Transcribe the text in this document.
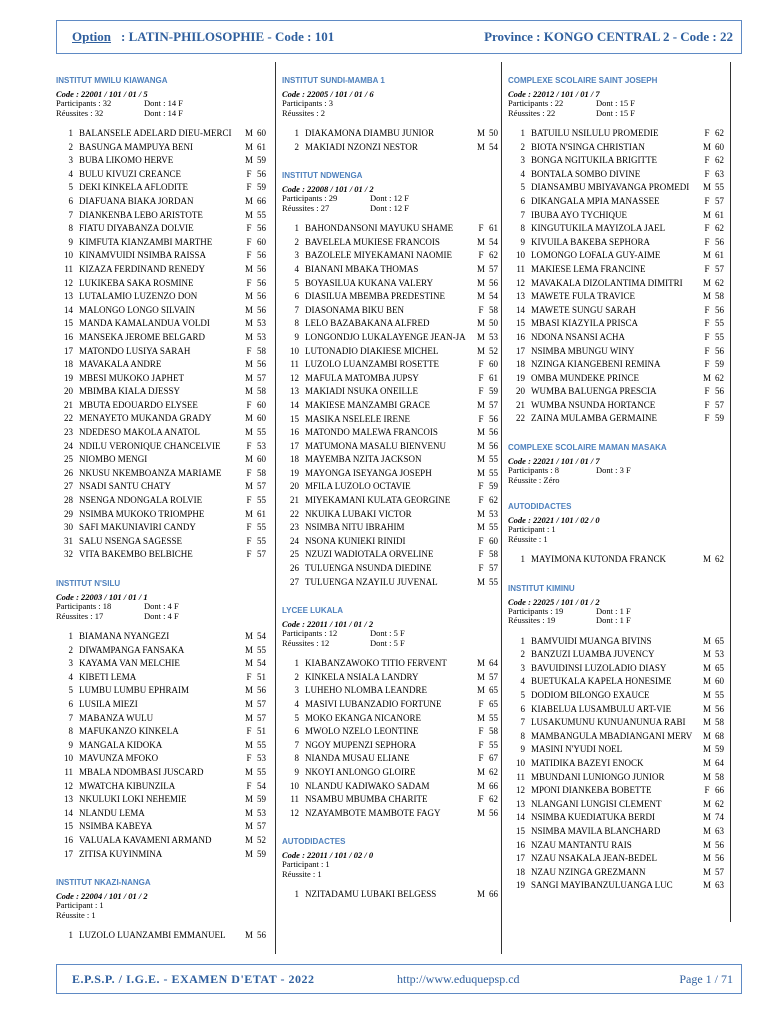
Option : LATIN-PHILOSOPHIE - Code : 101	Province : KONGO CENTRAL 2 - Code : 22
INSTITUT MWILU KIAWANGA
Code : 22001 / 101 / 01 / 5
Participants : 32	Dont : 14 F
Réussites : 32	Dont : 14 F
1 BALANSELE ADELARD DIEU-MERCI M 60
2 BASUNGA MAMPUYA BENI	M 61
3 BUBA LIKOMO HERVE	M 59
4 BULU KIVUZI CREANCE	F 56
5 DEKI KINKELA AFLODITE	F 59
6 DIAFUANA BIAKA JORDAN	M 66
7 DIANKENBA LEBO ARISTOTE	M 55
8 FIATU DIYABANZA DOLVIE	F 56
9 KIMFUTA KIANZAMBI MARTHE	F 60
10 KINAMVUIDI NSIMBA RAISSA	F 56
11 KIZAZA FERDINAND RENEDY	M 56
12 LUKIKEBA SAKA ROSMINE	F 56
13 LUTALAMIO LUZENZO DON	M 56
14 MALONGO LONGO SILVAIN	M 56
15 MANDA KAMALANDUA VOLDI	M 53
16 MANSEKA JEROME BELGARD	M 53
17 MATONDO LUSIYA SARAH	F 58
18 MAVAKALA ANDRE	M 56
19 MBESI MUKOKO JAPHET	M 57
20 MBIMBA KIALA DJESSY	M 58
21 MBUTA EDOUARDO ELYSEE	F 60
22 MENAYETO MUKANDA GRADY	M 60
23 NDEDESO MAKOLA ANATOL	M 55
24 NDILU VERONIQUE CHANCELVIE	F 53
25 NIOMBO MENGI	M 60
26 NKUSU NKEMBOANZA MARIAME	F 58
27 NSADI SANTU CHATY	M 57
28 NSENGA NDONGALA ROLVIE	F 55
29 NSIMBA MUKOKO TRIOMPHE	M 61
30 SAFI MAKUNIAVIRI CANDY	F 55
31 SALU NSENGA SAGESSE	F 55
32 VITA BAKEMBO BELBICHE	F 57
INSTITUT N'SILU
Code : 22003 / 101 / 01 / 1
Participants : 18	Dont : 4 F
Réussites : 17	Dont : 4 F
1 BIAMANA NYANGEZI	M 54
2 DIWAMPANGA FANSAKA	M 55
3 KAYAMA VAN MELCHIE	M 54
4 KIBETI LEMA	F 51
5 LUMBU LUMBU EPHRAIM	M 56
6 LUSILA MIEZI	M 57
7 MABANZA WULU	M 57
8 MAFUKANZO KINKELA	F 51
9 MANGALA KIDOKA	M 55
10 MAVUNZA MFOKO	F 53
11 MBALA NDOMBASI JUSCARD	M 55
12 MWATCHA KIBUNZILA	F 54
13 NKULUKI LOKI NEHEMIE	M 59
14 NLANDU LEMA	M 53
15 NSIMBA KABEYA	M 57
16 VALUALA KAVAMENI ARMAND	M 52
17 ZITISA KUYINMINA	M 59
INSTITUT NKAZI-NANGA
Code : 22004 / 101 / 01 / 2
Participant : 1
Réussite : 1
1 LUZOLO LUANZAMBI EMMANUEL M 56
INSTITUT SUNDI-MAMBA 1
Code : 22005 / 101 / 01 / 6
Participants : 3
Réussites : 2
1 DIAKAMONA DIAMBU JUNIOR	M 50
2 MAKIADI NZONZI NESTOR	M 54
INSTITUT NDWENGA
Code : 22008 / 101 / 01 / 2
Participants : 29	Dont : 12 F
Réussites : 27	Dont : 12 F
1 BAHONDANSONI MAYUKU SHAME	F 61
2 BAVELELA MUKIESE FRANCOIS	M 54
3 BAZOLELE MIYEKAMANI NAOMIE	F 62
4 BIANANI MBAKA THOMAS	M 57
5 BOYASILUA KUKANA VALERY	M 56
6 DIASILUA MBEMBA PREDESTINE	M 54
7 DIASONAMA BIKU BEN	F 58
8 LELO BAZABAKANA ALFRED	M 50
9 LONGONDJO LUKALAYENGE JEAN-JA M 53
10 LUTONADIO DIAKIESE MICHEL	M 52
11 LUZOLO LUANZAMBI ROSETTE	F 60
12 MAFULA MATOMBA JUPSY	F 61
13 MAKIADI NSUKA ONEILLE	F 59
14 MAKIESE MANZAMBI GRACE	M 57
15 MASIKA NSELELE IRENE	F 56
16 MATONDO MALEWA FRANCOIS	M 56
17 MATUMONA MASALU BIENVENU	M 56
18 MAYEMBA NZITA JACKSON	M 55
19 MAYONGA ISEYANGA JOSEPH	M 55
20 MFILA LUZOLO OCTAVIE	F 59
21 MIYEKAMANI KULATA GEORGINE	F 62
22 NKUIKA LUBAKI VICTOR	M 53
23 NSIMBA NITU IBRAHIM	M 55
24 NSONA KUNIEKI RINIDI	F 60
25 NZUZI WADIOTALA ORVELINE	F 58
26 TULUENGA NSUNDA DIEDINE	F 57
27 TULUENGA NZAYILU JUVENAL	M 55
LYCEE LUKALA
Code : 22011 / 101 / 01 / 2
Participants : 12	Dont : 5 F
Réussites : 12	Dont : 5 F
1 KIABANZAWOKO TITIO FERVENT	M 64
2 KINKELA NSIALA LANDRY	M 57
3 LUHEHO NLOMBA LEANDRE	M 65
4 MASIVI LUBANZADIO FORTUNE	F 65
5 MOKO EKANGA NICANORE	M 55
6 MWOLO NZELO LEONTINE	F 58
7 NGOY MUPENZI SEPHORA	F 55
8 NIANDA MUSAU ELIANE	F 67
9 NKOYI ANLONGO GLOIRE	M 62
10 NLANDU KADIWAKO SADAM	M 66
11 NSAMBU MBUMBA CHARITE	F 62
12 NZAYAMBOTE MAMBOTE FAGY	M 56
AUTODIDACTES
Code : 22011 / 101 / 02 / 0
Participant : 1
Réussite : 1
1 NZITADAMU LUBAKI BELGESS	M 66
COMPLEXE SCOLAIRE SAINT JOSEPH
Code : 22012 / 101 / 01 / 7
Participants : 22	Dont : 15 F
Réussites : 22	Dont : 15 F
1 BATUILU NSILULU PROMEDIE	F 62
2 BIOTA N'SINGA CHRISTIAN	M 60
3 BONGA NGITUKILA BRIGITTE	F 62
4 BONTALA SOMBO DIVINE	F 63
5 DIANSAMBU MBIYAVANGA PROMEDI M 55
6 DIKANGALA MPIA MANASSEE	F 57
7 IBUBA AYO TYCHIQUE	M 61
8 KINGUTUKILA MAYIZOLA JAEL	F 62
9 KIVUILA BAKEBA SEPHORA	F 56
10 LOMONGO LOFALA GUY-AIME	M 61
11 MAKIESE LEMA FRANCINE	F 57
12 MAVAKALA DIZOLANTIMA DIMITRI M 62
13 MAWETE FULA TRAVICE	M 58
14 MAWETE SUNGU SARAH	F 56
15 MBASI KIAZYILA PRISCA	F 55
16 NDONA NSANSI ACHA	F 55
17 NSIMBA MBUNGU WINY	F 56
18 NZINGA KIANGEBENI REMINA	F 59
19 OMBA MUNDEKE PRINCE	M 62
20 WUMBA BALUENGA PRESCIA	F 56
21 WUMBA NSUNDA HORTANCE	F 57
22 ZAINA MULAMBA GERMAINE	F 59
COMPLEXE SCOLAIRE MAMAN MASAKA
Code : 22021 / 101 / 01 / 7
Participants : 8	Dont : 3 F
Réussite : Zéro
AUTODIDACTES
Code : 22021 / 101 / 02 / 0
Participant : 1
Réussite : 1
1 MAYIMONA KUTONDA FRANCK	M 62
INSTITUT KIMINU
Code : 22025 / 101 / 01 / 2
Participants : 19	Dont : 1 F
Réussites : 19	Dont : 1 F
1 BAMVUIDI MUANGA BIVINS	M 65
2 BANZUZI LUAMBA JUVENCY	M 53
3 BAVUIDINSI LUZOLADIO DIASY	M 65
4 BUETUKALA KAPELA HONESIME	M 60
5 DODIOM BILONGO EXAUCE	M 55
6 KIABELUA LUSAMBULU ART-VIE	M 56
7 LUSAKUMUNU KUNUANUNUA RABI M 58
8 MAMBANGULA MBADIANGANI MERV M 68
9 MASINI N'YUDI NOEL	M 59
10 MATIDIKA BAZEYI ENOCK	M 64
11 MBUNDANI LUNIONGO JUNIOR	M 58
12 MPONI DIANKEBA BOBETTE	F 66
13 NLANGANI LUNGISI CLEMENT	M 62
14 NSIMBA KUEDIATUKA BERDI	M 74
15 NSIMBA MAVILA BLANCHARD	M 63
16 NZAU MANTANTU RAIS	M 56
17 NZAU NSAKALA JEAN-BEDEL	M 56
18 NZAU NZINGA GREZMANN	M 57
19 SANGI MAYIBANZULUANGA LUC	M 63
E.P.S.P. / I.G.E. - EXAMEN D'ETAT - 2022	http://www.eduquepsp.cd	Page 1 / 71
